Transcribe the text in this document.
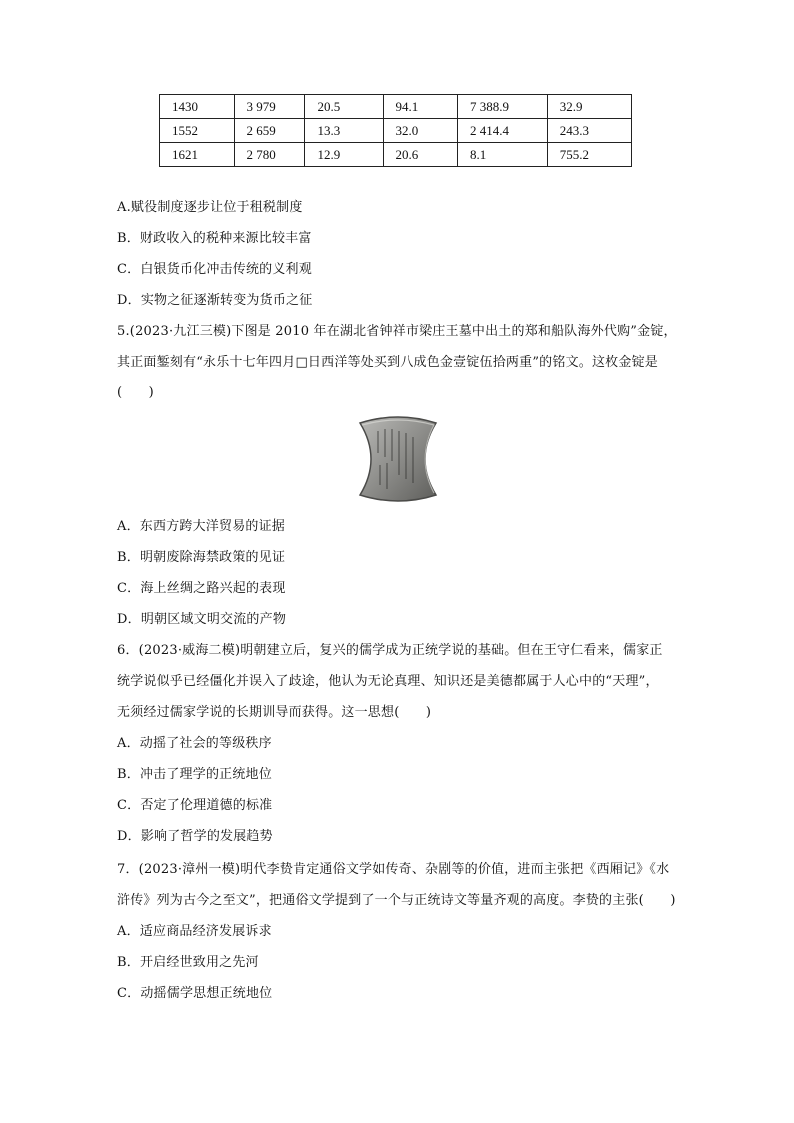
1430	3 979	20.5	94.1	7 388.9	32.9
1552	2 659	13.3	32.0	2 414.4	243.3
1621	2 780	12.9	20.6	8.1	755.2
A.赋役制度逐步让位于租税制度
B．财政收入的税种来源比较丰富
C．白银货币化冲击传统的义利观
D．实物之征逐渐转变为货币之征
5.(2023·九江三模)下图是 2010 年在湖北省钟祥市梁庄王墓中出土的郑和船队海外代购”金锭，
其正面錾刻有“永乐十七年四月□日西洋等处买到八成色金壹锭伍拾两重”的铭文。这枚金锭是
(　　)
A．东西方跨大洋贸易的证据
B．明朝废除海禁政策的见证
C．海上丝绸之路兴起的表现
D．明朝区域文明交流的产物
6．(2023·威海二模)明朝建立后，复兴的儒学成为正统学说的基础。但在王守仁看来，儒家正
统学说似乎已经僵化并误入了歧途，他认为无论真理、知识还是美德都属于人心中的“天理”，
无须经过儒家学说的长期训导而获得。这一思想(　　)
A．动摇了社会的等级秩序
B．冲击了理学的正统地位
C．否定了伦理道德的标准
D．影响了哲学的发展趋势
7．(2023·漳州一模)明代李贽肯定通俗文学如传奇、杂剧等的价值，进而主张把《西厢记》《水
浒传》列为古今之至文”，把通俗文学提到了一个与正统诗文等量齐观的高度。李贽的主张(　　)
A．适应商品经济发展诉求
B．开启经世致用之先河
C．动摇儒学思想正统地位
